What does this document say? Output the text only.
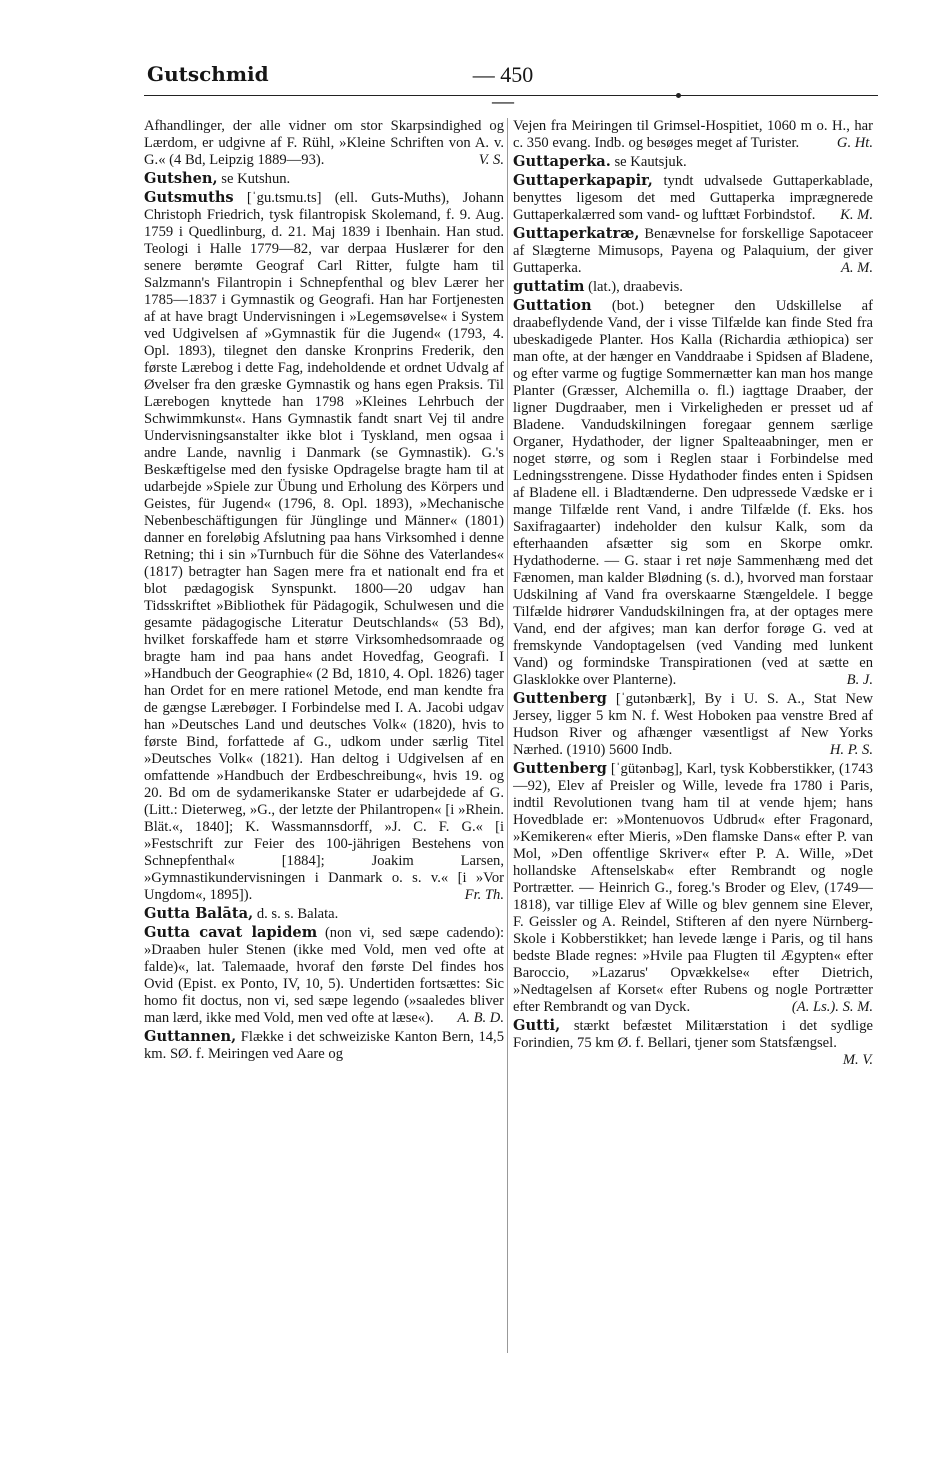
Gutschmid	— 450 —

Afhandlinger, der alle vidner om stor Skarpsindighed og Lærdom, er udgivne af F. Rühl, »Kleine Schriften von A. v. G.« (4 Bd, Leipzig 1889—93).	V. S.

Gutshen, se Kutshun.

Gutsmuths [ˈgu.tsmu.ts] (ell. Guts-Muths), Johann Christoph Friedrich, tysk filantropisk Skolemand, f. 9. Aug. 1759 i Quedlinburg, d. 21. Maj 1839 i Ibenhain. Han stud. Teologi i Halle 1779—82, var derpaa Huslærer for den senere berømte Geograf Carl Ritter, fulgte ham til Salzmann's Filantropin i Schnepfenthal og blev Lærer her 1785—1837 i Gymnastik og Geografi. Han har Fortjenesten af at have bragt Undervisningen i »Legemsøvelse« i System ved Udgivelsen af »Gymnastik für die Jugend« (1793, 4. Opl. 1893), tilegnet den danske Kronprins Frederik, den første Lærebog i dette Fag, indeholdende et ordnet Udvalg af Øvelser fra den græske Gymnastik og hans egen Praksis. Til Lærebogen knyttede han 1798 »Kleines Lehrbuch der Schwimmkunst«. Hans Gymnastik fandt snart Vej til andre Undervisningsanstalter ikke blot i Tyskland, men ogsaa i andre Lande, navnlig i Danmark (se Gymnastik). G.'s Beskæftigelse med den fysiske Opdragelse bragte ham til at udarbejde »Spiele zur Übung und Erholung des Körpers und Geistes, für Jugend« (1796, 8. Opl. 1893), »Mechanische Nebenbeschäftigungen für Jünglinge und Männer« (1801) danner en foreløbig Afslutning paa hans Virksomhed i denne Retning; thi i sin »Turnbuch für die Söhne des Vaterlandes« (1817) betragter han Sagen mere fra et nationalt end fra et blot pædagogisk Synspunkt. 1800—20 udgav han Tidsskriftet »Bibliothek für Pädagogik, Schulwesen und die gesamte pädagogische Literatur Deutschlands« (53 Bd), hvilket forskaffede ham et større Virksomhedsomraade og bragte ham ind paa hans andet Hovedfag, Geografi. I »Handbuch der Geographie« (2 Bd, 1810, 4. Opl. 1826) tager han Ordet for en mere rationel Metode, end man kendte fra de gængse Lærebøger. I Forbindelse med I. A. Jacobi udgav han »Deutsches Land und deutsches Volk« (1820), hvis to første Bind, forfattede af G., udkom under særlig Titel »Deutsches Volk« (1821). Han deltog i Udgivelsen af en omfattende »Handbuch der Erdbeschreibung«, hvis 19. og 20. Bd om de sydamerikanske Stater er udarbejdede af G. (Litt.: Dieterweg, »G., der letzte der Philantropen« [i »Rhein. Blät.«, 1840]; K. Wassmannsdorff, »J. C. F. G.« [i »Festschrift zur Feier des 100-jährigen Bestehens von Schnepfenthal« [1884]; Joakim Larsen, »Gymnastikundervisningen i Danmark o. s. v.« [i »Vor Ungdom«, 1895]).	Fr. Th.

Gutta Balāta, d. s. s. Balata.

Gutta cavat lapidem (non vi, sed sæpe cadendo): »Draaben huler Stenen (ikke med Vold, men ved ofte at falde)«, lat. Talemaade, hvoraf den første Del findes hos Ovid (Epist. ex Ponto, IV, 10, 5). Undertiden fortsættes: Sic homo fit doctus, non vi, sed sæpe legendo (»saaledes bliver man lærd, ikke med Vold, men ved ofte at læse«).	A. B. D.

Guttannen, Flække i det schweiziske Kanton Bern, 14,5 km. SØ. f. Meiringen ved Aare og

Vejen fra Meiringen til Grimsel-Hospitiet, 1060 m o. H., har c. 350 evang. Indb. og besøges meget af Turister.	G. Ht.

Guttaperka. se Kautsjuk.

Guttaperkapapir, tyndt udvalsede Guttaperkablade, benyttes ligesom det med Guttaperka imprægnerede Guttaperkalærred som vand- og lufttæt Forbindstof.	K. M.

Guttaperkatræ, Benævnelse for forskellige Sapotaceer af Slægterne Mimusops, Payena og Palaquium, der giver Guttaperka.	A. M.

guttatim (lat.), draabevis.

Guttation (bot.) betegner den Udskillelse af draabeflydende Vand, der i visse Tilfælde kan finde Sted fra ubeskadigede Planter. Hos Kalla (Richardia æthiopica) ser man ofte, at der hænger en Vanddraabe i Spidsen af Bladene, og efter varme og fugtige Sommernætter kan man hos mange Planter (Græsser, Alchemilla o. fl.) iagttage Draaber, der ligner Dugdraaber, men i Virkeligheden er presset ud af Bladene. Vandudskilningen foregaar gennem særlige Organer, Hydathoder, der ligner Spalteaabninger, men er noget større, og som i Reglen staar i Forbindelse med Ledningsstrengene. Disse Hydathoder findes enten i Spidsen af Bladene ell. i Bladtænderne. Den udpressede Vædske er i mange Tilfælde rent Vand, i andre Tilfælde (f. Eks. hos Saxifragaarter) indeholder den kulsur Kalk, som da efterhaanden afsætter sig som en Skorpe omkr. Hydathoderne. — G. staar i ret nøje Sammenhæng med det Fænomen, man kalder Blødning (s. d.), hvorved man forstaar Udskilning af Vand fra overskaarne Stængeldele. I begge Tilfælde hidrører Vandudskilningen fra, at der optages mere Vand, end der afgives; man kan derfor forøge G. ved at fremskynde Vandoptagelsen (ved Vanding med lunkent Vand) og formindske Transpirationen (ved at sætte en Glasklokke over Planterne).	B. J.

Guttenberg [ˈgutənbærk], By i U. S. A., Stat New Jersey, ligger 5 km N. f. West Hoboken paa venstre Bred af Hudson River og afhænger væsentligst af New Yorks Nærhed. (1910) 5600 Indb.	H. P. S.

Guttenberg [ˈgütənbəg], Karl, tysk Kobberstikker, (1743—92), Elev af Preisler og Wille, levede fra 1780 i Paris, indtil Revolutionen tvang ham til at vende hjem; hans Hovedblade er: »Montenuovos Udbrud« efter Fragonard, »Kemikeren« efter Mieris, »Den flamske Dans« efter P. van Mol, »Den offentlige Skriver« efter P. A. Wille, »Det hollandske Aftenselskab« efter Rembrandt og nogle Portrætter. — Heinrich G., foreg.'s Broder og Elev, (1749—1818), var tillige Elev af Wille og blev gennem sine Elever, F. Geissler og A. Reindel, Stifteren af den nyere Nürnberg-Skole i Kobberstikket; han levede længe i Paris, og til hans bedste Blade regnes: »Hvile paa Flugten til Ægypten« efter Baroccio, »Lazarus' Opvækkelse« efter Dietrich, »Nedtagelsen af Korset« efter Rubens og nogle Portrætter efter Rembrandt og van Dyck.	(A. Ls.). S. M.

Gutti, stærkt befæstet Militærstation i det sydlige Forindien, 75 km Ø. f. Bellari, tjener som Statsfængsel.
M. V.
